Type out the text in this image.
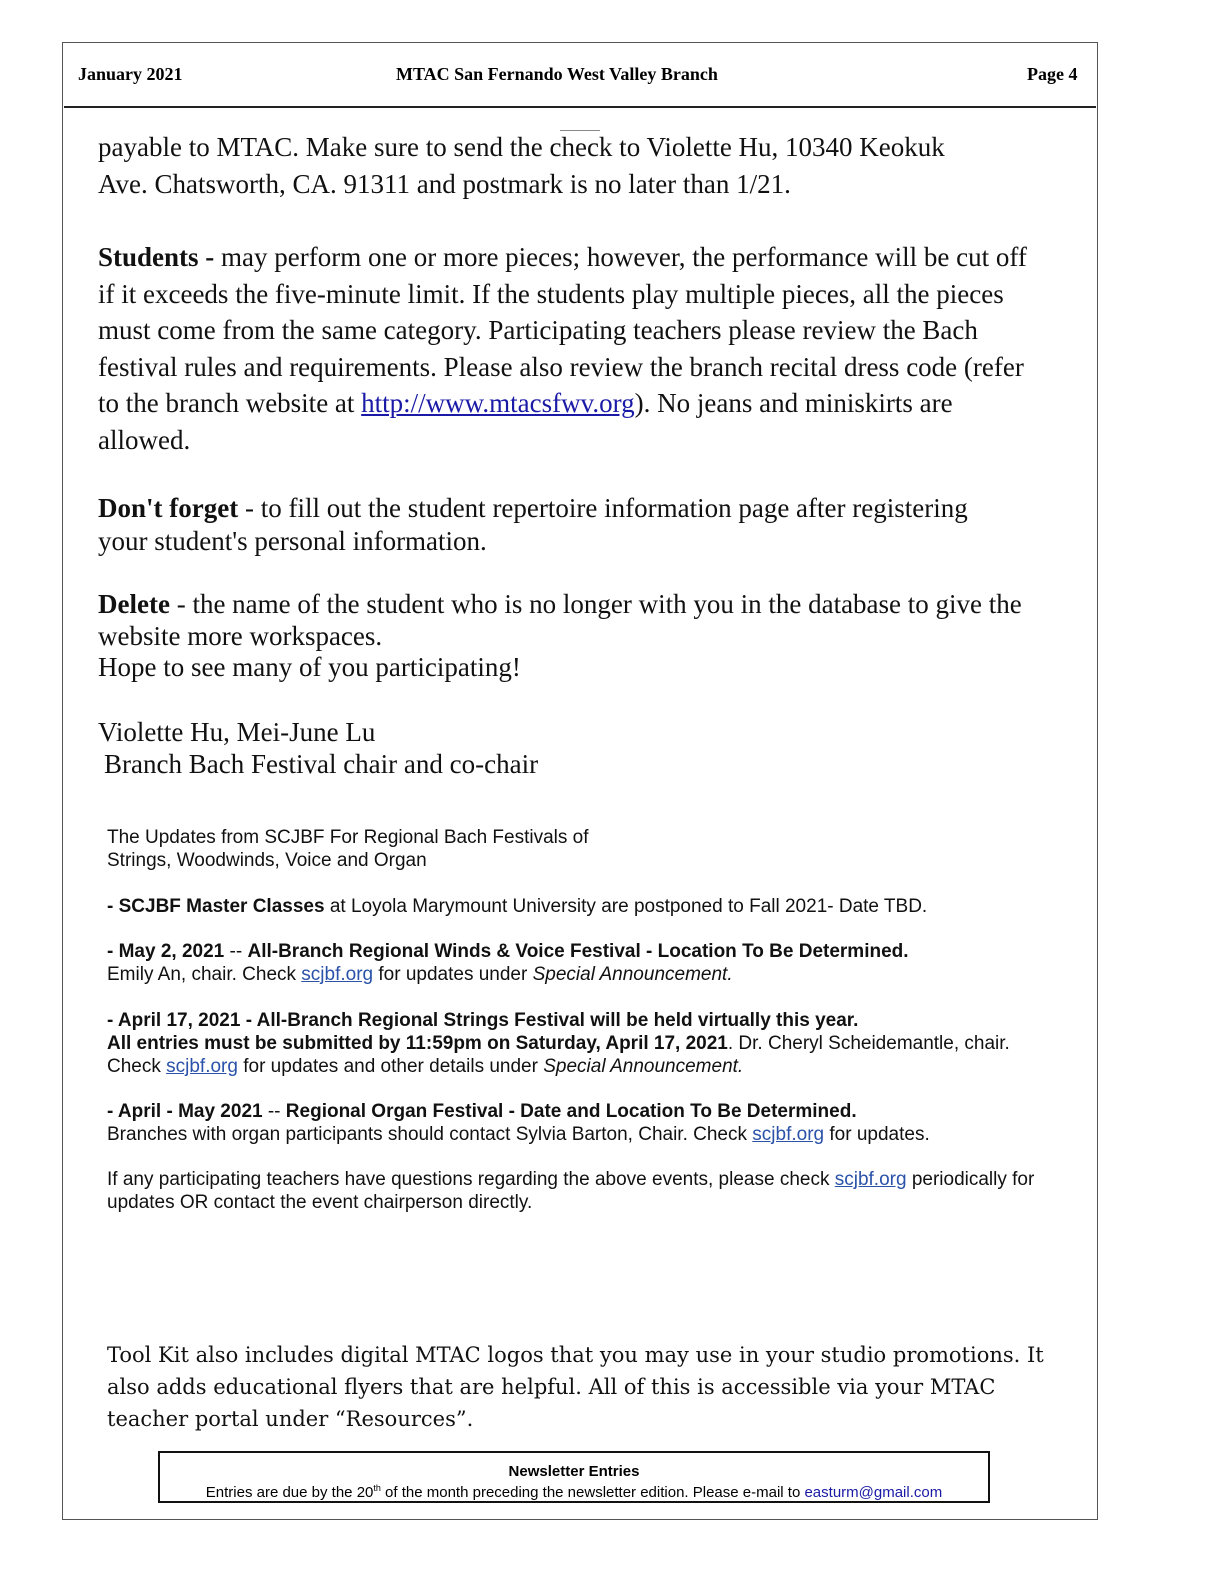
January 2021	MTAC San Fernando West Valley Branch	Page 4
payable to MTAC. Make sure to send the check to Violette Hu, 10340 Keokuk
Ave. Chatsworth, CA. 91311 and postmark is no later than 1/21.
Students - may perform one or more pieces; however, the performance will be cut off if it exceeds the five-minute limit. If the students play multiple pieces, all the pieces must come from the same category. Participating teachers please review the Bach festival rules and requirements. Please also review the branch recital dress code (refer to the branch website at http://www.mtacsfwv.org). No jeans and miniskirts are allowed.
Don't forget - to fill out the student repertoire information page after registering your student's personal information.
Delete - the name of the student who is no longer with you in the database to give the website more workspaces.
Hope to see many of you participating!
Violette Hu, Mei-June Lu
Branch Bach Festival chair and co-chair
The Updates from SCJBF For Regional Bach Festivals of
Strings, Woodwinds, Voice and Organ
- SCJBF Master Classes at Loyola Marymount University are postponed to Fall 2021- Date TBD.
- May 2, 2021 -- All-Branch Regional Winds & Voice Festival - Location To Be Determined.
Emily An, chair. Check scjbf.org for updates under Special Announcement.
- April 17, 2021 - All-Branch Regional Strings Festival will be held virtually this year.
All entries must be submitted by 11:59pm on Saturday, April 17, 2021. Dr. Cheryl Scheidemantle, chair.
Check scjbf.org for updates and other details under Special Announcement.
- April - May 2021 -- Regional Organ Festival - Date and Location To Be Determined.
Branches with organ participants should contact Sylvia Barton, Chair. Check scjbf.org for updates.
If any participating teachers have questions regarding the above events, please check scjbf.org periodically for updates OR contact the event chairperson directly.
Tool Kit also includes digital MTAC logos that you may use in your studio promotions. It also adds educational flyers that are helpful. All of this is accessible via your MTAC teacher portal under “Resources”.
Newsletter Entries
Entries are due by the 20th of the month preceding the newsletter edition. Please e-mail to easturm@gmail.com
